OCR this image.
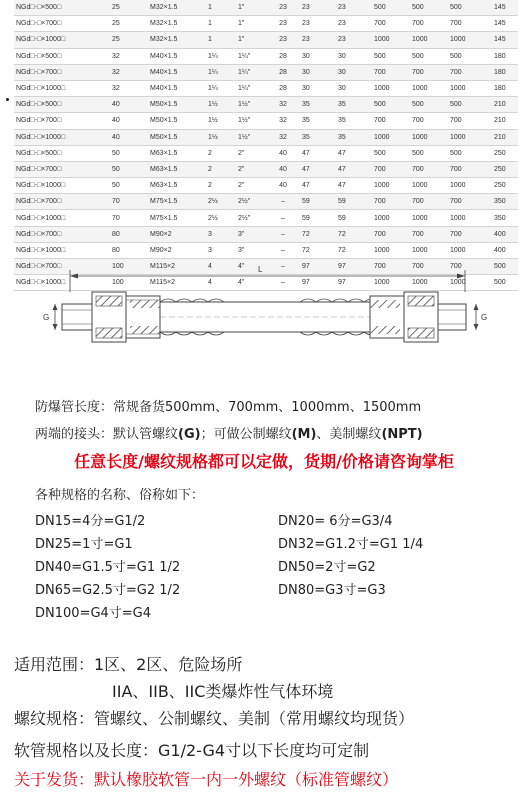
NGd□-□×500□	25	M32×1.5	1	1"	23	23	23	500	500	500	145
NGd□-□×700□	25	M32×1.5	1	1"	23	23	23	700	700	700	145
NGd□-□×1000□	25	M32×1.5	1	1"	23	23	23	1000	1000	1000	145
NGd□-□×500□	32	M40×1.5	1¼	1¼"	28	30	30	500	500	500	180
NGd□-□×700□	32	M40×1.5	1¼	1¼"	28	30	30	700	700	700	180
NGd□-□×1000□	32	M40×1.5	1¼	1¼"	28	30	30	1000	1000	1000	180
NGd□-□×500□	40	M50×1.5	1½	1½"	32	35	35	500	500	500	210
NGd□-□×700□	40	M50×1.5	1½	1½"	32	35	35	700	700	700	210
NGd□-□×1000□	40	M50×1.5	1½	1½"	32	35	35	1000	1000	1000	210
NGd□-□×500□	50	M63×1.5	2	2"	40	47	47	500	500	500	250
NGd□-□×700□	50	M63×1.5	2	2"	40	47	47	700	700	700	250
NGd□-□×1000□	50	M63×1.5	2	2"	40	47	47	1000	1000	1000	250
NGd□-□×700□	70	M75×1.5	2½	2½"	–	59	59	700	700	700	350
NGd□-□×1000□	70	M75×1.5	2½	2½"	–	59	59	1000	1000	1000	350
NGd□-□×700□	80	M90×2	3	3"	–	72	72	700	700	700	400
NGd□-□×1000□	80	M90×2	3	3"	–	72	72	1000	1000	1000	400
NGd□-□×700□	100	M115×2	4	4"	–	97	97	700	700	700	500
NGd□-□×1000□	100	M115×2	4	4"	–	97	97	1000	1000	1000	500
L
G	G
防爆管长度：常规备货500mm、700mm、1000mm、1500mm
两端的接头：默认管螺纹(G)；可做公制螺纹(M)、美制螺纹(NPT)
任意长度/螺纹规格都可以定做，货期/价格请咨询掌柜
各种规格的名称、俗称如下：
DN15=4分=G1/2	DN20= 6分=G3/4
DN25=1寸=G1	DN32=G1.2寸=G1 1/4
DN40=G1.5寸=G1 1/2	DN50=2寸=G2
DN65=G2.5寸=G2 1/2	DN80=G3寸=G3
DN100=G4寸=G4
适用范围：1区、2区、危险场所
IIA、IIB、IIC类爆炸性气体环境
螺纹规格：管螺纹、公制螺纹、美制（常用螺纹均现货）
软管规格以及长度：G1/2-G4寸以下长度均可定制
关于发货：默认橡胶软管一内一外螺纹（标准管螺纹）
